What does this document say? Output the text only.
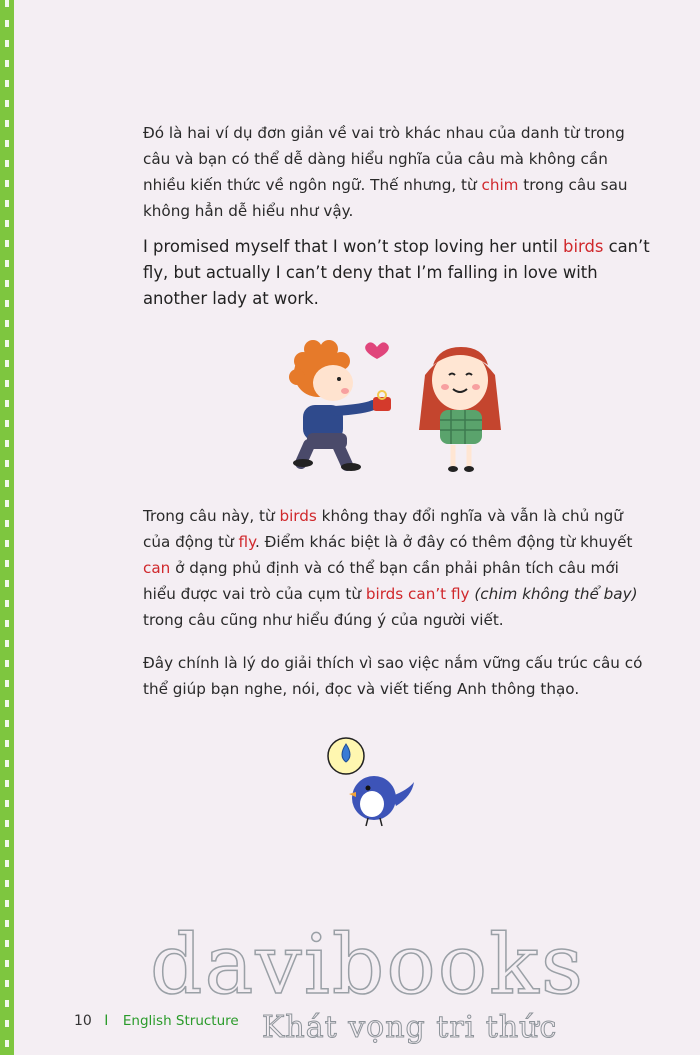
Đó là hai ví dụ đơn giản về vai trò khác nhau của danh từ trong câu và bạn có thể dễ dàng hiểu nghĩa của câu mà không cần nhiều kiến thức về ngôn ngữ. Thế nhưng, từ chim trong câu sau không hẳn dễ hiểu như vậy.

I promised myself that I won’t stop loving her until birds can’t fly, but actually I can’t deny that I’m falling in love with another lady at work.

Trong câu này, từ birds không thay đổi nghĩa và vẫn là chủ ngữ của động từ fly. Điểm khác biệt là ở đây có thêm động từ khuyết can ở dạng phủ định và có thể bạn cần phải phân tích câu mới hiểu được vai trò của cụm từ birds can’t fly (chim không thể bay) trong câu cũng như hiểu đúng ý của người viết.

Đây chính là lý do giải thích vì sao việc nắm vững cấu trúc câu có thể giúp bạn nghe, nói, đọc và viết tiếng Anh thông thạo.

davibooks
Khát vọng tri thức
10 I English Structure
